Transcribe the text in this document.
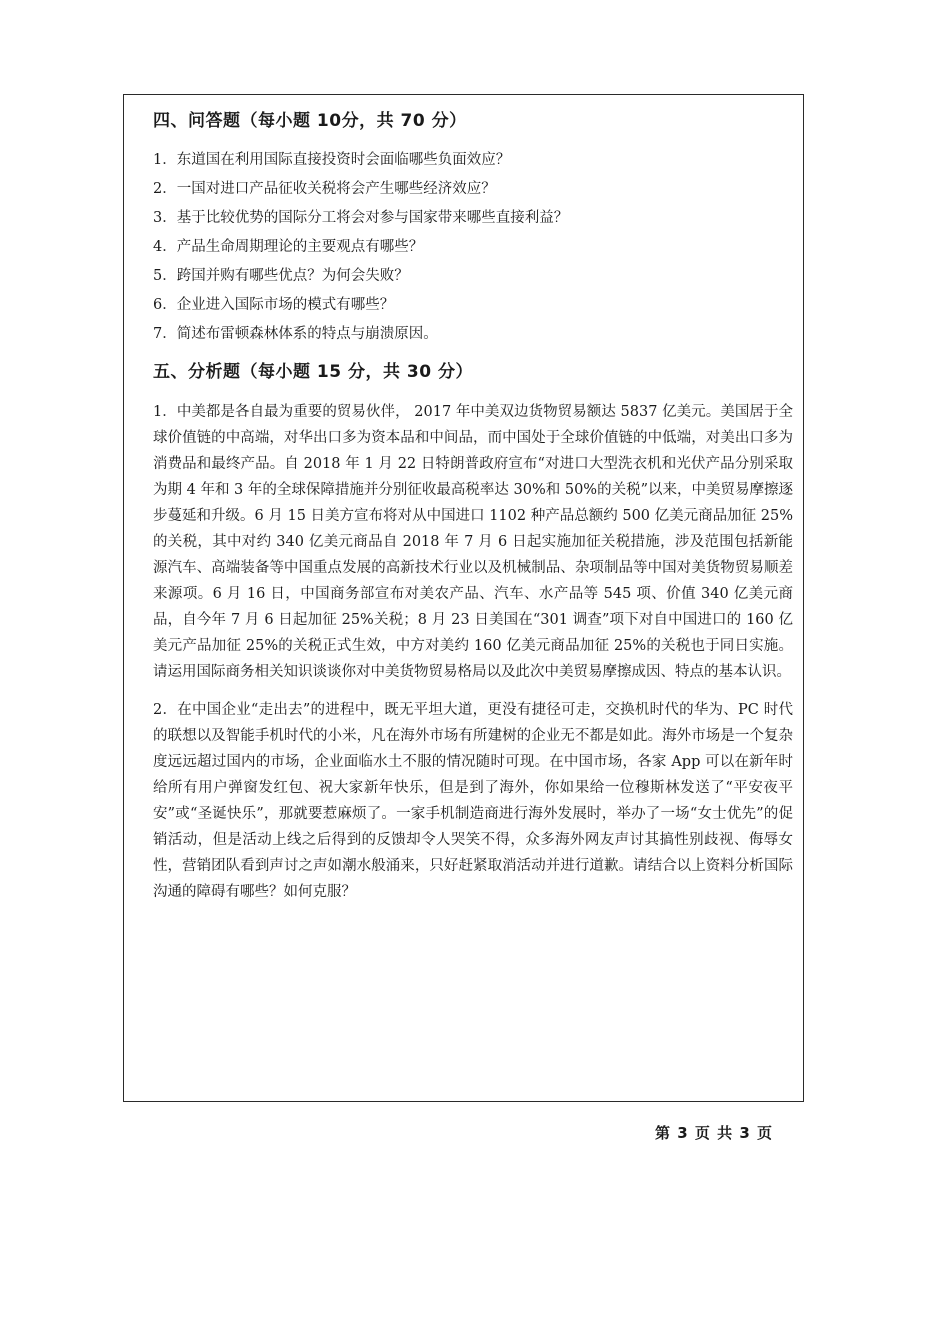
四、问答题（每小题 10分，共 70 分）
1．东道国在利用国际直接投资时会面临哪些负面效应？
2．一国对进口产品征收关税将会产生哪些经济效应？
3．基于比较优势的国际分工将会对参与国家带来哪些直接利益？
4．产品生命周期理论的主要观点有哪些？
5．跨国并购有哪些优点？为何会失败？
6．企业进入国际市场的模式有哪些？
7．简述布雷顿森林体系的特点与崩溃原因。
五、分析题（每小题 15 分，共 30 分）

1．中美都是各自最为重要的贸易伙伴， 2017 年中美双边货物贸易额达 5837 亿美元。美国居于全球价值链的中高端，对华出口多为资本品和中间品，而中国处于全球价值链的中低端，对美出口多为消费品和最终产品。自 2018 年 1 月 22 日特朗普政府宣布“对进口大型洗衣机和光伏产品分别采取为期 4 年和 3 年的全球保障措施并分别征收最高税率达 30%和 50%的关税”以来，中美贸易摩擦逐步蔓延和升级。6 月 15 日美方宣布将对从中国进口 1102 种产品总额约 500 亿美元商品加征 25%的关税，其中对约 340 亿美元商品自 2018 年 7 月 6 日起实施加征关税措施，涉及范围包括新能源汽车、高端装备等中国重点发展的高新技术行业以及机械制品、杂项制品等中国对美货物贸易顺差来源项。6 月 16 日，中国商务部宣布对美农产品、汽车、水产品等 545 项、价值 340 亿美元商品，自今年 7 月 6 日起加征 25%关税；8 月 23 日美国在“301 调查”项下对自中国进口的 160 亿美元产品加征 25%的关税正式生效，中方对美约 160 亿美元商品加征 25%的关税也于同日实施。请运用国际商务相关知识谈谈你对中美货物贸易格局以及此次中美贸易摩擦成因、特点的基本认识。

2．在中国企业“走出去”的进程中，既无平坦大道，更没有捷径可走，交换机时代的华为、PC 时代的联想以及智能手机时代的小米，凡在海外市场有所建树的企业无不都是如此。海外市场是一个复杂度远远超过国内的市场，企业面临水土不服的情况随时可现。在中国市场，各家 App 可以在新年时给所有用户弹窗发红包、祝大家新年快乐，但是到了海外，你如果给一位穆斯林发送了“平安夜平安”或“圣诞快乐”，那就要惹麻烦了。一家手机制造商进行海外发展时，举办了一场“女士优先”的促销活动，但是活动上线之后得到的反馈却令人哭笑不得，众多海外网友声讨其搞性别歧视、侮辱女性，营销团队看到声讨之声如潮水般涌来，只好赶紧取消活动并进行道歉。请结合以上资料分析国际沟通的障碍有哪些？如何克服？

第 3 页 共 3 页
